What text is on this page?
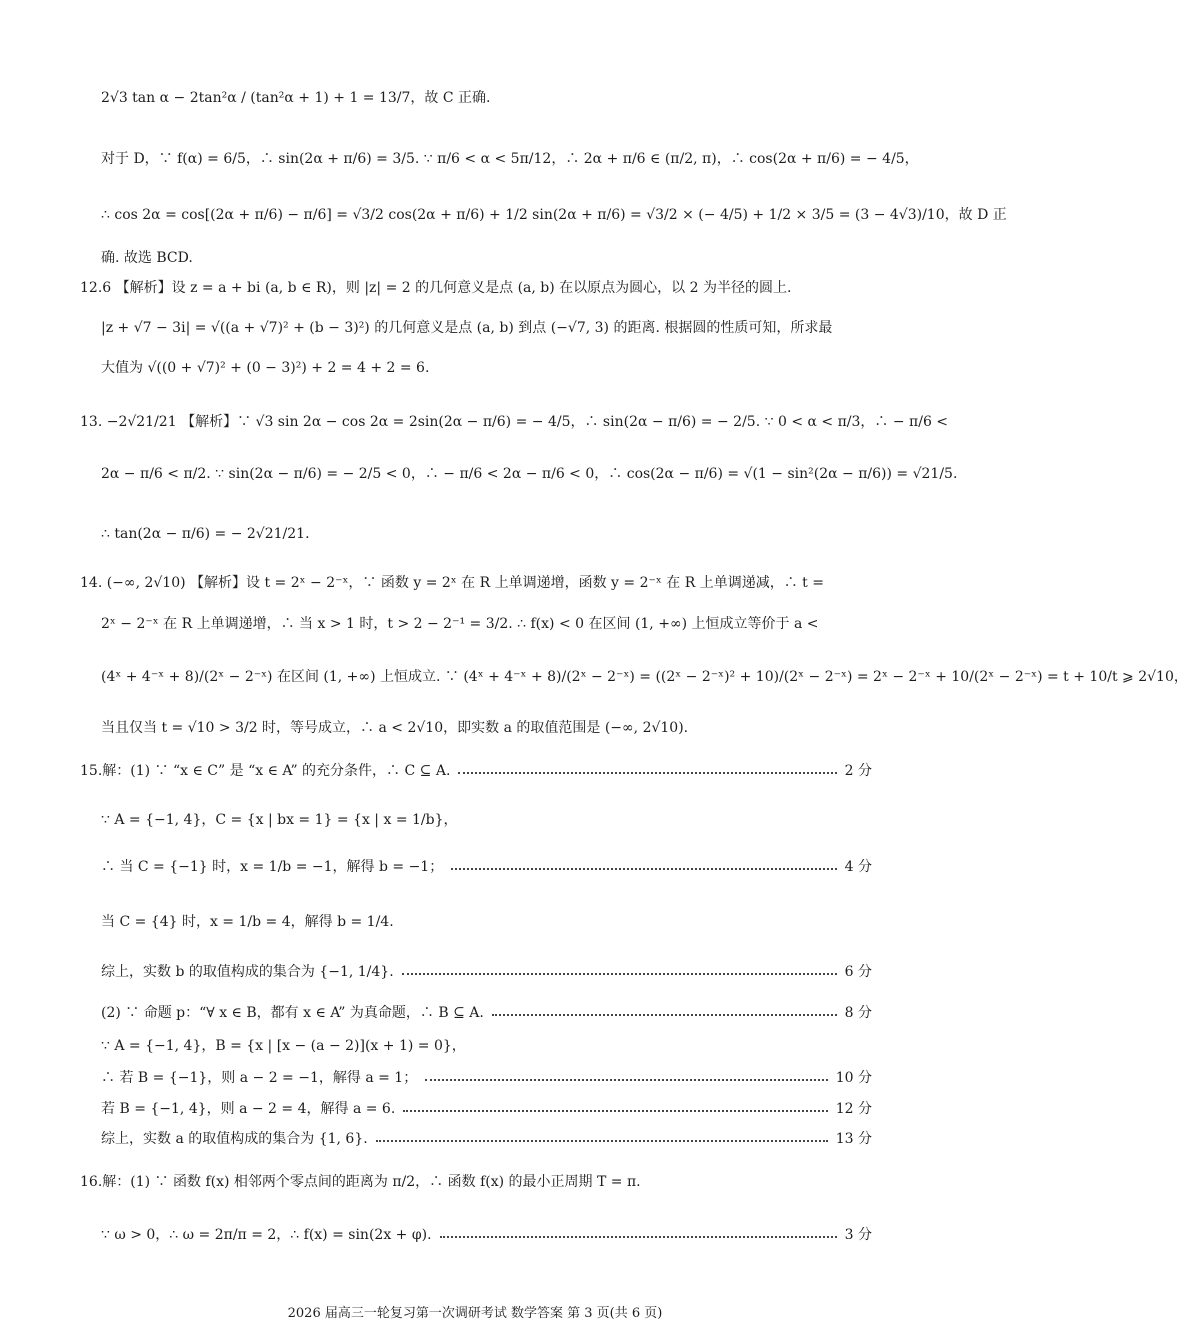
2√3 tan α − 2tan²α / (tan²α + 1) + 1 = 13/7，故 C 正确.
对于 D，∵ f(α) = 6/5，∴ sin(2α + π/6) = 3/5. ∵ π/6 < α < 5π/12，∴ 2α + π/6 ∈ (π/2, π)，∴ cos(2α + π/6) = − 4/5，
∴ cos 2α = cos[(2α + π/6) − π/6] = √3/2 cos(2α + π/6) + 1/2 sin(2α + π/6) = √3/2 × (− 4/5) + 1/2 × 3/5 = (3 − 4√3)/10，故 D 正
确. 故选 BCD.
12.6 【解析】设 z = a + bi (a, b ∈ R)，则 |z| = 2 的几何意义是点 (a, b) 在以原点为圆心，以 2 为半径的圆上.
|z + √7 − 3i| = √((a + √7)² + (b − 3)²) 的几何意义是点 (a, b) 到点 (−√7, 3) 的距离. 根据圆的性质可知，所求最
大值为 √((0 + √7)² + (0 − 3)²) + 2 = 4 + 2 = 6.
13. −2√21/21 【解析】∵ √3 sin 2α − cos 2α = 2sin(2α − π/6) = − 4/5，∴ sin(2α − π/6) = − 2/5. ∵ 0 < α < π/3，∴ − π/6 <
2α − π/6 < π/2. ∵ sin(2α − π/6) = − 2/5 < 0，∴ − π/6 < 2α − π/6 < 0，∴ cos(2α − π/6) = √(1 − sin²(2α − π/6)) = √21/5.
∴ tan(2α − π/6) = − 2√21/21.
14. (−∞, 2√10) 【解析】设 t = 2ˣ − 2⁻ˣ，∵ 函数 y = 2ˣ 在 R 上单调递增，函数 y = 2⁻ˣ 在 R 上单调递减，∴ t =
2ˣ − 2⁻ˣ 在 R 上单调递增，∴ 当 x > 1 时，t > 2 − 2⁻¹ = 3/2. ∴ f(x) < 0 在区间 (1, +∞) 上恒成立等价于 a <
(4ˣ + 4⁻ˣ + 8)/(2ˣ − 2⁻ˣ) 在区间 (1, +∞) 上恒成立. ∵ (4ˣ + 4⁻ˣ + 8)/(2ˣ − 2⁻ˣ) = ((2ˣ − 2⁻ˣ)² + 10)/(2ˣ − 2⁻ˣ) = 2ˣ − 2⁻ˣ + 10/(2ˣ − 2⁻ˣ) = t + 10/t ⩾ 2√10，
当且仅当 t = √10 > 3/2 时，等号成立，∴ a < 2√10，即实数 a 的取值范围是 (−∞, 2√10).
15.解：(1) ∵ “x ∈ C” 是 “x ∈ A” 的充分条件，∴ C ⊆ A.	2 分
∵ A = {−1, 4}，C = {x | bx = 1} = {x | x = 1/b}，
∴ 当 C = {−1} 时，x = 1/b = −1，解得 b = −1；	4 分
当 C = {4} 时，x = 1/b = 4，解得 b = 1/4.
综上，实数 b 的取值构成的集合为 {−1, 1/4}.	6 分
(2) ∵ 命题 p：“∀ x ∈ B，都有 x ∈ A” 为真命题，∴ B ⊆ A.	8 分
∵ A = {−1, 4}，B = {x | [x − (a − 2)](x + 1) = 0}，
∴ 若 B = {−1}，则 a − 2 = −1，解得 a = 1；	10 分
若 B = {−1, 4}，则 a − 2 = 4，解得 a = 6.	12 分
综上，实数 a 的取值构成的集合为 {1, 6}.	13 分
16.解：(1) ∵ 函数 f(x) 相邻两个零点间的距离为 π/2，∴ 函数 f(x) 的最小正周期 T = π.
∵ ω > 0，∴ ω = 2π/π = 2，∴ f(x) = sin(2x + φ).	3 分
2026 届高三一轮复习第一次调研考试 数学答案 第 3 页(共 6 页)
